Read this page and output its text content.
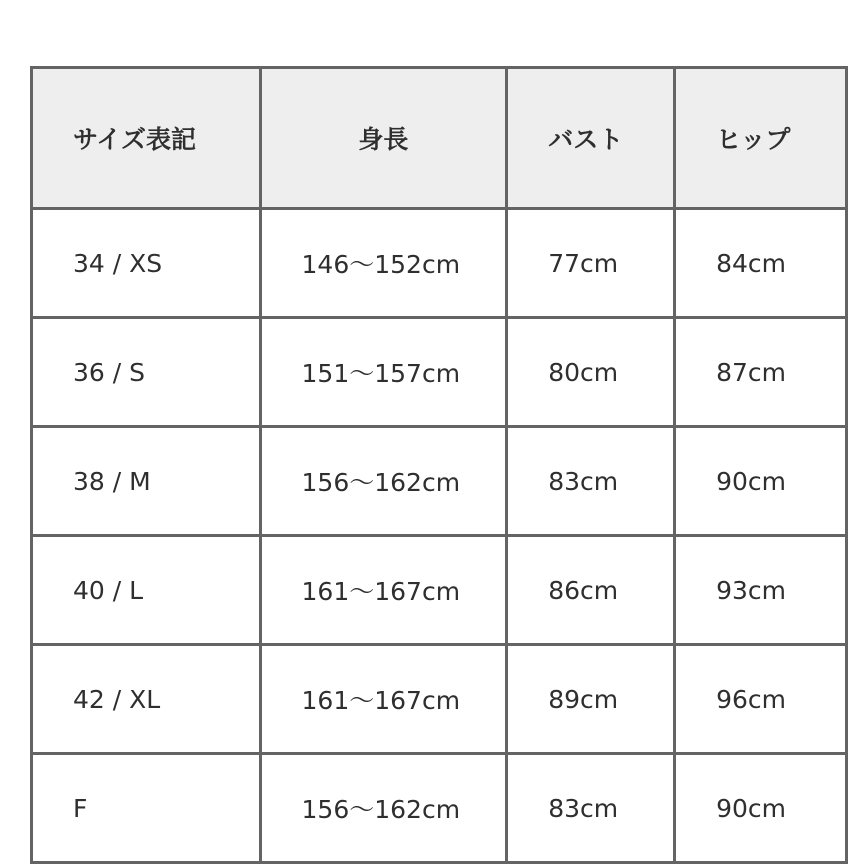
サイズ表記	身長	バスト	ヒップ

34 / XS	146〜152cm	77cm	84cm

36 / S	151〜157cm	80cm	87cm

38 / M	156〜162cm	83cm	90cm

40 / L	161〜167cm	86cm	93cm

42 / XL	161〜167cm	89cm	96cm

F	156〜162cm	83cm	90cm
